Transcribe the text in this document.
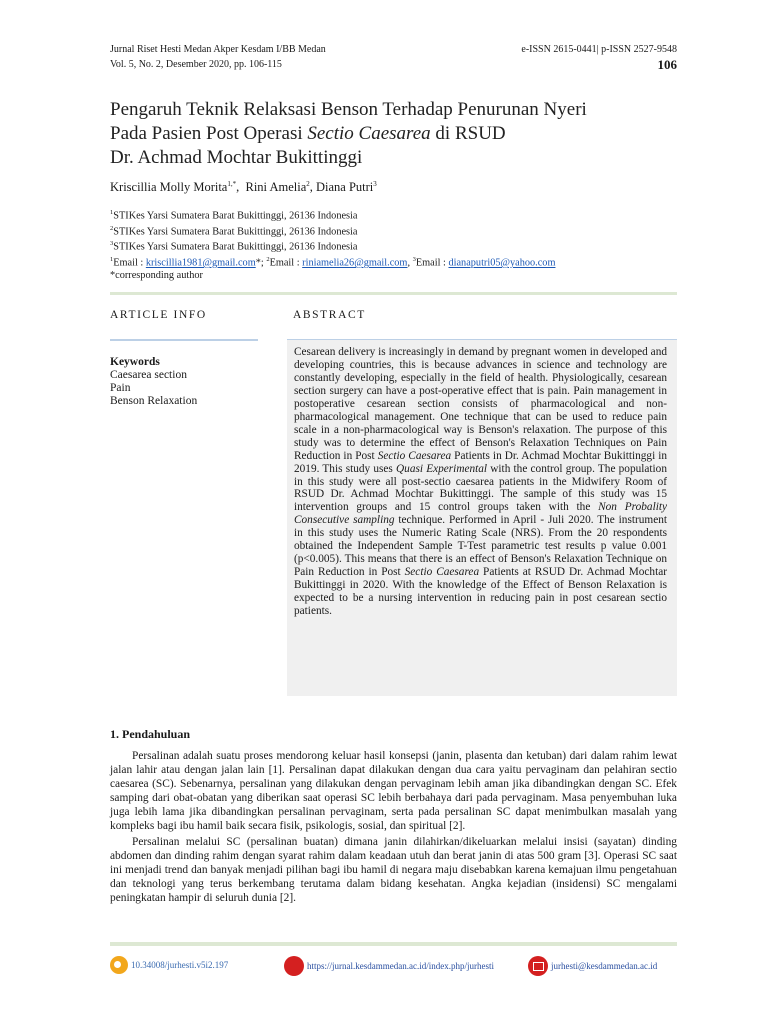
Jurnal Riset Hesti Medan Akper Kesdam I/BB Medan	e-ISSN 2615-0441| p-ISSN 2527-9548
Vol. 5, No. 2, Desember 2020, pp. 106-115	106
Pengaruh Teknik Relaksasi Benson Terhadap Penurunan Nyeri
Pada Pasien Post Operasi Sectio Caesarea di RSUD
Dr. Achmad Mochtar Bukittinggi
Kriscillia Molly Morita$^{1,*}$,  Rini Amelia$^2$, Diana Putri$^3$
$^1$STIKes Yarsi Sumatera Barat Bukittinggi, 26136 Indonesia
$^2$STIKes Yarsi Sumatera Barat Bukittinggi, 26136 Indonesia
$^3$STIKes Yarsi Sumatera Barat Bukittinggi, 26136 Indonesia
$^1$Email : kriscillia1981@gmail.com*; $^2$Email : riniamelia26@gmail.com, $^3$Email : dianaputri05@yahoo.com
*corresponding author
ARTICLE INFO	ABSTRACT
Keywords
Caesarea section
Pain
Benson Relaxation

Cesarean delivery is increasingly in demand by pregnant women in developed and developing countries, this is because advances in science and technology are constantly developing, especially in the field of health. Physiologically, cesarean section surgery can have a post-operative effect that is pain. Pain management in postoperative cesarean section consists of pharmacological and non-pharmacological management. One technique that can be used to reduce pain scale in a non-pharmacological way is Benson's relaxation. The purpose of this study was to determine the effect of Benson's Relaxation Techniques on Pain Reduction in Post Sectio Caesarea Patients in Dr. Achmad Mochtar Bukittinggi in 2019. This study uses Quasi Experimental with the control group. The population in this study were all post-sectio caesarea patients in the Midwifery Room of RSUD Dr. Achmad Mochtar Bukittinggi. The sample of this study was 15 intervention groups and 15 control groups taken with the Non Probality Consecutive sampling technique. Performed in April - Juli 2020. The instrument in this study uses the Numeric Rating Scale (NRS). From the 20 respondents obtained the Independent Sample T-Test parametric test results p value 0.001 (p<0.005). This means that there is an effect of Benson's Relaxation Technique on Pain Reduction in Post Sectio Caesarea Patients at RSUD Dr. Achmad Mochtar Bukittinggi in 2020. With the knowledge of the Effect of Benson Relaxation is expected to be a nursing intervention in reducing pain in post cesarean sectio patients.

1. Pendahuluan

Persalinan adalah suatu proses mendorong keluar hasil konsepsi (janin, plasenta dan ketuban) dari dalam rahim lewat jalan lahir atau dengan jalan lain [1]. Persalinan dapat dilakukan dengan dua cara yaitu pervaginam dan pelahiran sectio caesarea (SC). Sebenarnya, persalinan yang dilakukan dengan pervaginam lebih aman jika dibandingkan dengan SC. Efek samping dari obat-obatan yang diberikan saat operasi SC lebih berbahaya dari pada pervaginam. Masa penyembuhan luka juga lebih lama jika dibandingkan persalinan pervaginam, serta pada persalinan SC dapat menimbulkan masalah yang kompleks bagi ibu hamil baik secara fisik, psikologis, sosial, dan spiritual [2].

Persalinan melalui SC (persalinan buatan) dimana janin dilahirkan/dikeluarkan melalui insisi (sayatan) dinding abdomen dan dinding rahim dengan syarat rahim dalam keadaan utuh dan berat janin di atas 500 gram [3]. Operasi SC saat ini menjadi trend dan banyak menjadi pilihan bagi ibu hamil di negara maju disebabkan karena kemajuan ilmu pengetahuan dan teknologi yang terus berkembang terutama dalam bidang kesehatan. Angka kejadian (insidensi) SC mengalami peningkatan hampir di seluruh dunia [2].

10.34008/jurhesti.v5i2.197	https://jurnal.kesdammedan.ac.id/index.php/jurhesti	jurhesti@kesdammedan.ac.id
